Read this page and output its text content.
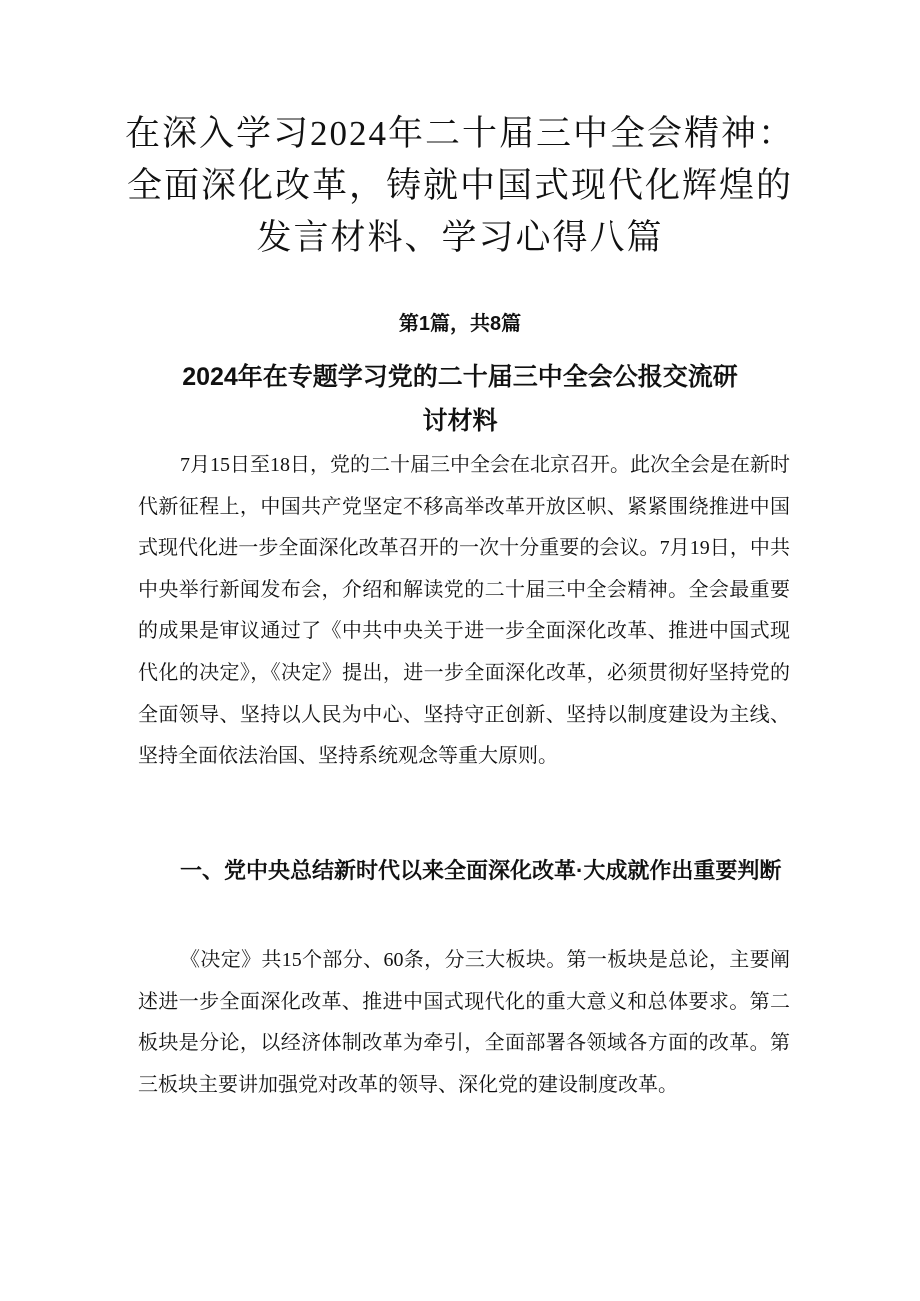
在深入学习2024年二十届三中全会精神：全面深化改革，铸就中国式现代化辉煌的发言材料、学习心得八篇
第1篇，共8篇
2024年在专题学习党的二十届三中全会公报交流研讨材料

7月15日至18日，党的二十届三中全会在北京召开。此次全会是在新时代新征程上，中国共产党坚定不移高举改革开放区帜、紧紧围绕推进中国式现代化进一步全面深化改革召开的一次十分重要的会议。7月19日，中共中央举行新闻发布会，介绍和解读党的二十届三中全会精神。全会最重要的成果是审议通过了《中共中央关于进一步全面深化改革、推进中国式现代化的决定》，《决定》提出，进一步全面深化改革，必须贯彻好坚持党的全面领导、坚持以人民为中心、坚持守正创新、坚持以制度建设为主线、坚持全面依法治国、坚持系统观念等重大原则。

一、党中央总结新时代以来全面深化改革·大成就作出重要判断

《决定》共15个部分、60条，分三大板块。第一板块是总论，主要阐述进一步全面深化改革、推进中国式现代化的重大意义和总体要求。第二板块是分论，以经济体制改革为牵引，全面部署各领域各方面的改革。第三板块主要讲加强党对改革的领导、深化党的建设制度改革。
